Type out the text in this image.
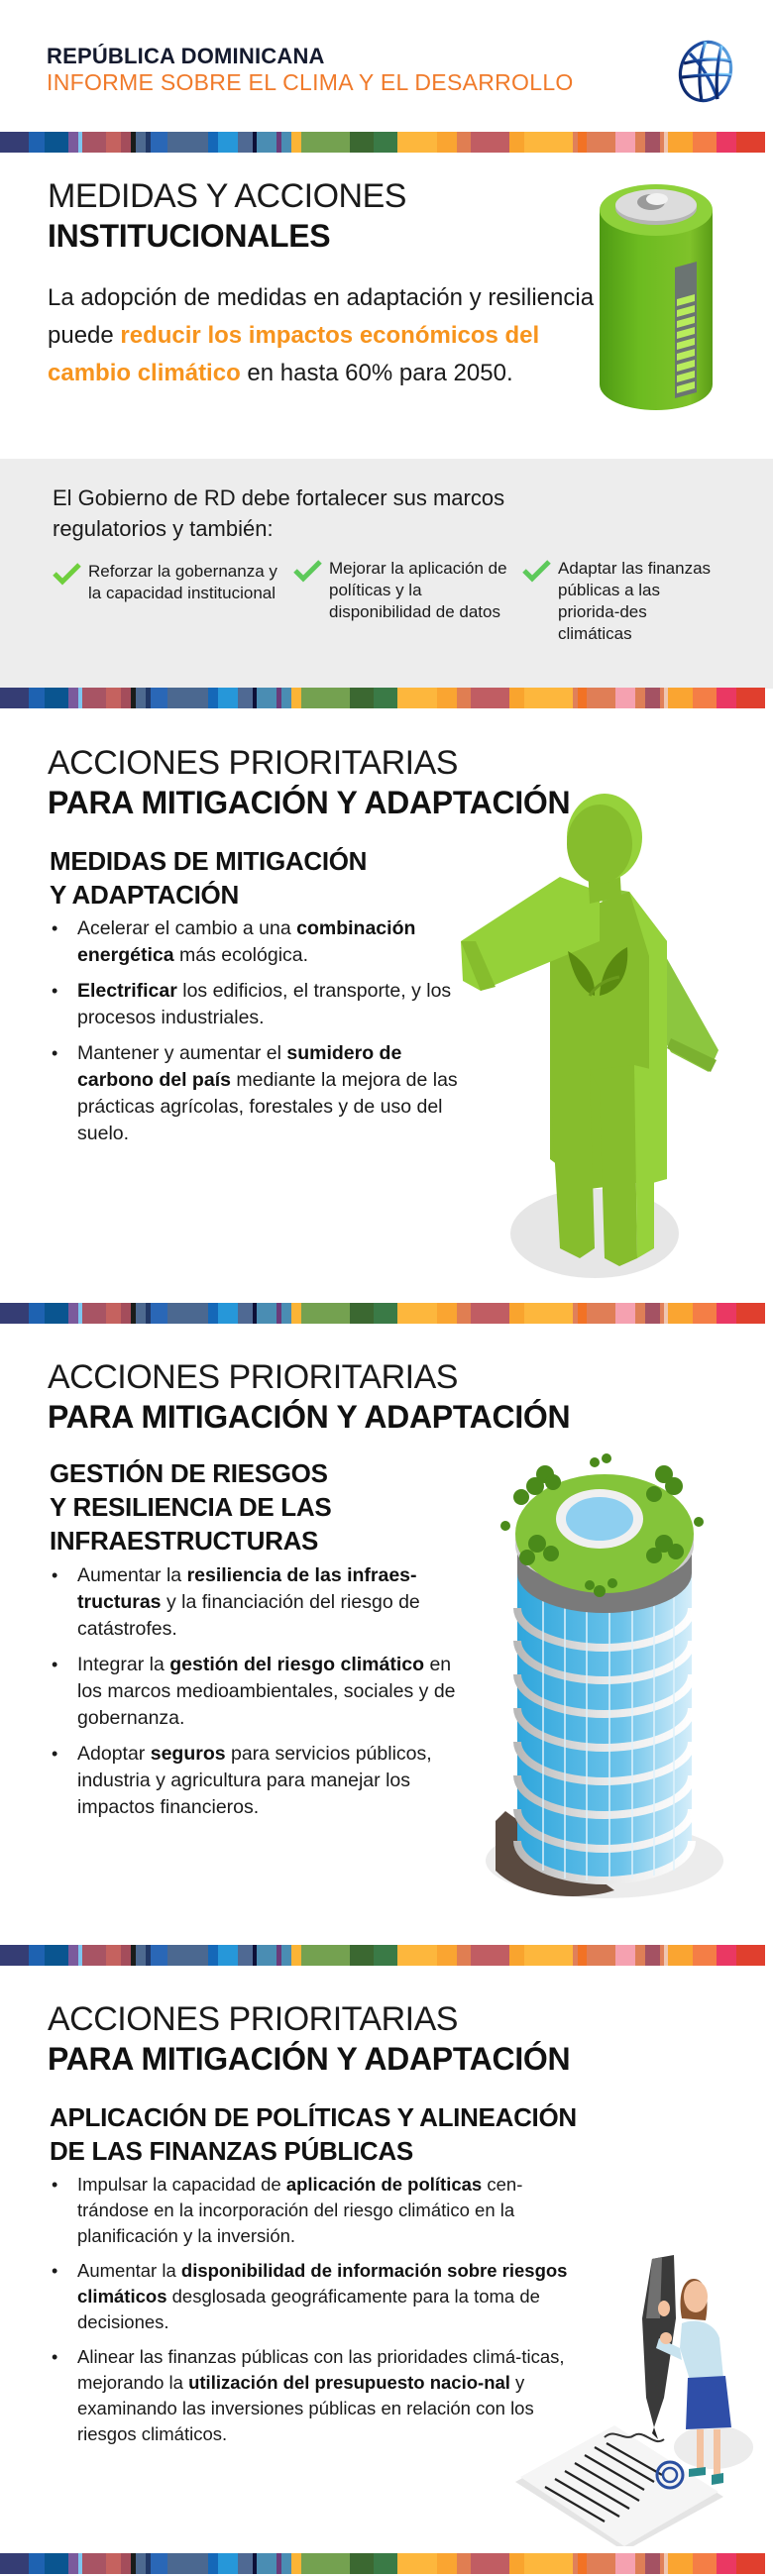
REPÚBLICA DOMINICANA
INFORME SOBRE EL CLIMA Y EL DESARROLLO
MEDIDAS Y ACCIONES
INSTITUCIONALES
La adopción de medidas en adaptación y resiliencia puede reducir los impactos económicos del cambio climático en hasta 60% para 2050.
El Gobierno de RD debe fortalecer sus marcos regulatorios y también:
Reforzar la gobernanza y la capacidad institucional
Mejorar la aplicación de políticas y la disponibilidad de datos
Adaptar las finanzas públicas a las priorida-des climáticas
ACCIONES PRIORITARIAS
PARA MITIGACIÓN Y ADAPTACIÓN
MEDIDAS DE MITIGACIÓN
Y ADAPTACIÓN
• Acelerar el cambio a una combinación energética más ecológica.
• Electrificar los edificios, el transporte, y los procesos industriales.
• Mantener y aumentar el sumidero de carbono del país mediante la mejora de las prácticas agrícolas, forestales y de uso del suelo.
ACCIONES PRIORITARIAS
PARA MITIGACIÓN Y ADAPTACIÓN
GESTIÓN DE RIESGOS
Y RESILIENCIA DE LAS
INFRAESTRUCTURAS
• Aumentar la resiliencia de las infraes-tructuras y la financiación del riesgo de catástrofes.
• Integrar la gestión del riesgo climático en los marcos medioambientales, sociales y de gobernanza.
• Adoptar seguros para servicios públicos, industria y agricultura para manejar los impactos financieros.
ACCIONES PRIORITARIAS
PARA MITIGACIÓN Y ADAPTACIÓN
APLICACIÓN DE POLÍTICAS Y ALINEACIÓN
DE LAS FINANZAS PÚBLICAS
• Impulsar la capacidad de aplicación de políticas cen-trándose en la incorporación del riesgo climático en la planificación y la inversión.
• Aumentar la disponibilidad de información sobre riesgos climáticos desglosada geográficamente para la toma de decisiones.
• Alinear las finanzas públicas con las prioridades climá-ticas, mejorando la utilización del presupuesto nacio-nal y examinando las inversiones públicas en relación con los riesgos climáticos.
